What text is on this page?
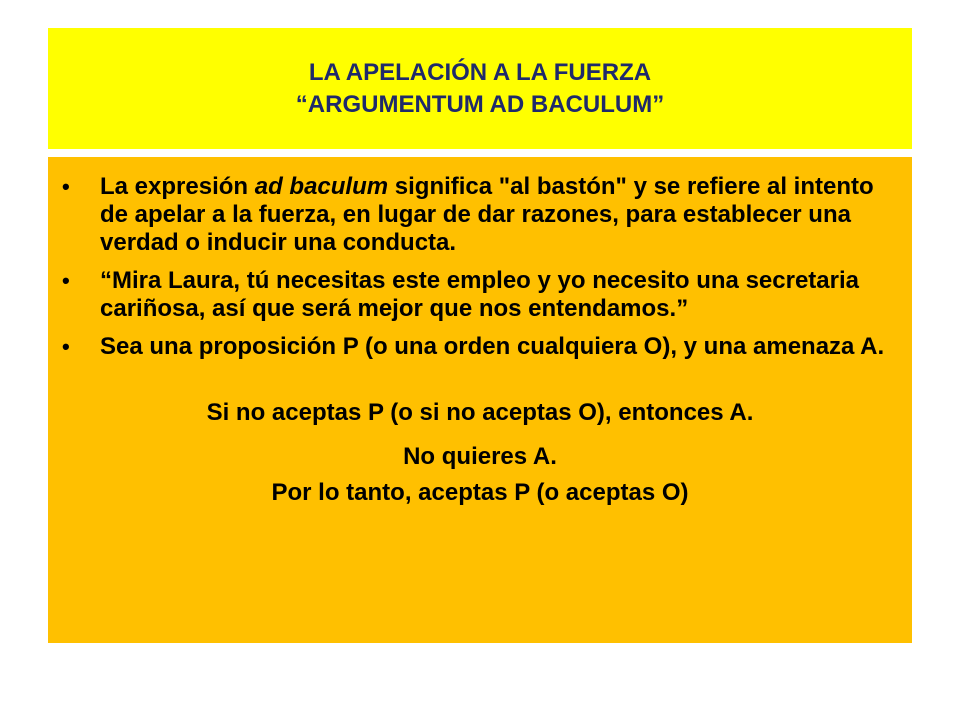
LA APELACIÓN A LA FUERZA
“ARGUMENTUM AD BACULUM”
• La expresión ad baculum significa "al bastón" y se refiere al intento de apelar a la fuerza, en lugar de dar razones, para establecer una verdad o inducir una conducta.
• “Mira Laura, tú necesitas este empleo y yo necesito una secretaria cariñosa, así que será mejor que nos entendamos.”
• Sea una proposición P (o una orden cualquiera O), y una amenaza A.
Si no aceptas P (o si no aceptas O), entonces A.
No quieres A.
Por lo tanto, aceptas P (o aceptas O)
